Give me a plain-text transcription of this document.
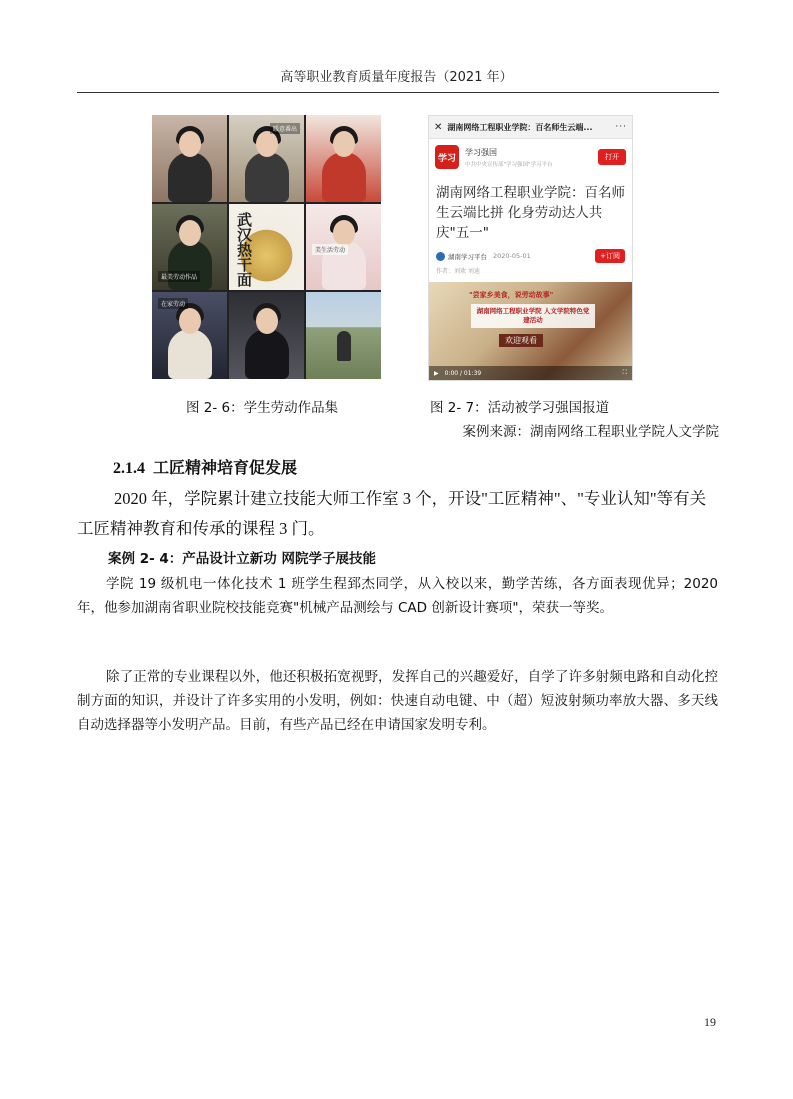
高等职业教育质量年度报告（2021 年）
暖意番出
最美劳动作品	武汉热干面	美生活劳动
在家劳动
✕ 湖南网络工程职业学院：百名师生云端...	···
学习
学习强国
中共中央宣传部"学习强国"学习平台
打开
湖南网络工程职业学院：百名师生云端比拼 化身劳动达人共庆"五一"
湖南学习平台 2020-05-01	+订阅
作者：刘欢 刘迪
"尝家乡美食，说劳动故事"
湖南网络工程职业学院 人文学院特色党建活动
欢迎观看
▶ 0:00 / 01:39	⛶
图 2- 6：学生劳动作品集	图 2- 7：活动被学习强国报道
案例来源：湖南网络工程职业学院人文学院
2.1.4 工匠精神培育促发展
2020 年，学院累计建立技能大师工作室 3 个，开设"工匠精神"、"专业认知"等有关工匠精神教育和传承的课程 3 门。
案例 2- 4：产品设计立新功 网院学子展技能
学院 19 级机电一体化技术 1 班学生程郅杰同学，从入校以来，勤学苦练，各方面表现优异；2020 年，他参加湖南省职业院校技能竞赛"机械产品测绘与 CAD 创新设计赛项"，荣获一等奖。
除了正常的专业课程以外，他还积极拓宽视野，发挥自己的兴趣爱好，自学了许多射频电路和自动化控制方面的知识，并设计了许多实用的小发明，例如：快速自动电键、中（超）短波射频功率放大器、多天线自动选择器等小发明产品。目前，有些产品已经在申请国家发明专利。
19
